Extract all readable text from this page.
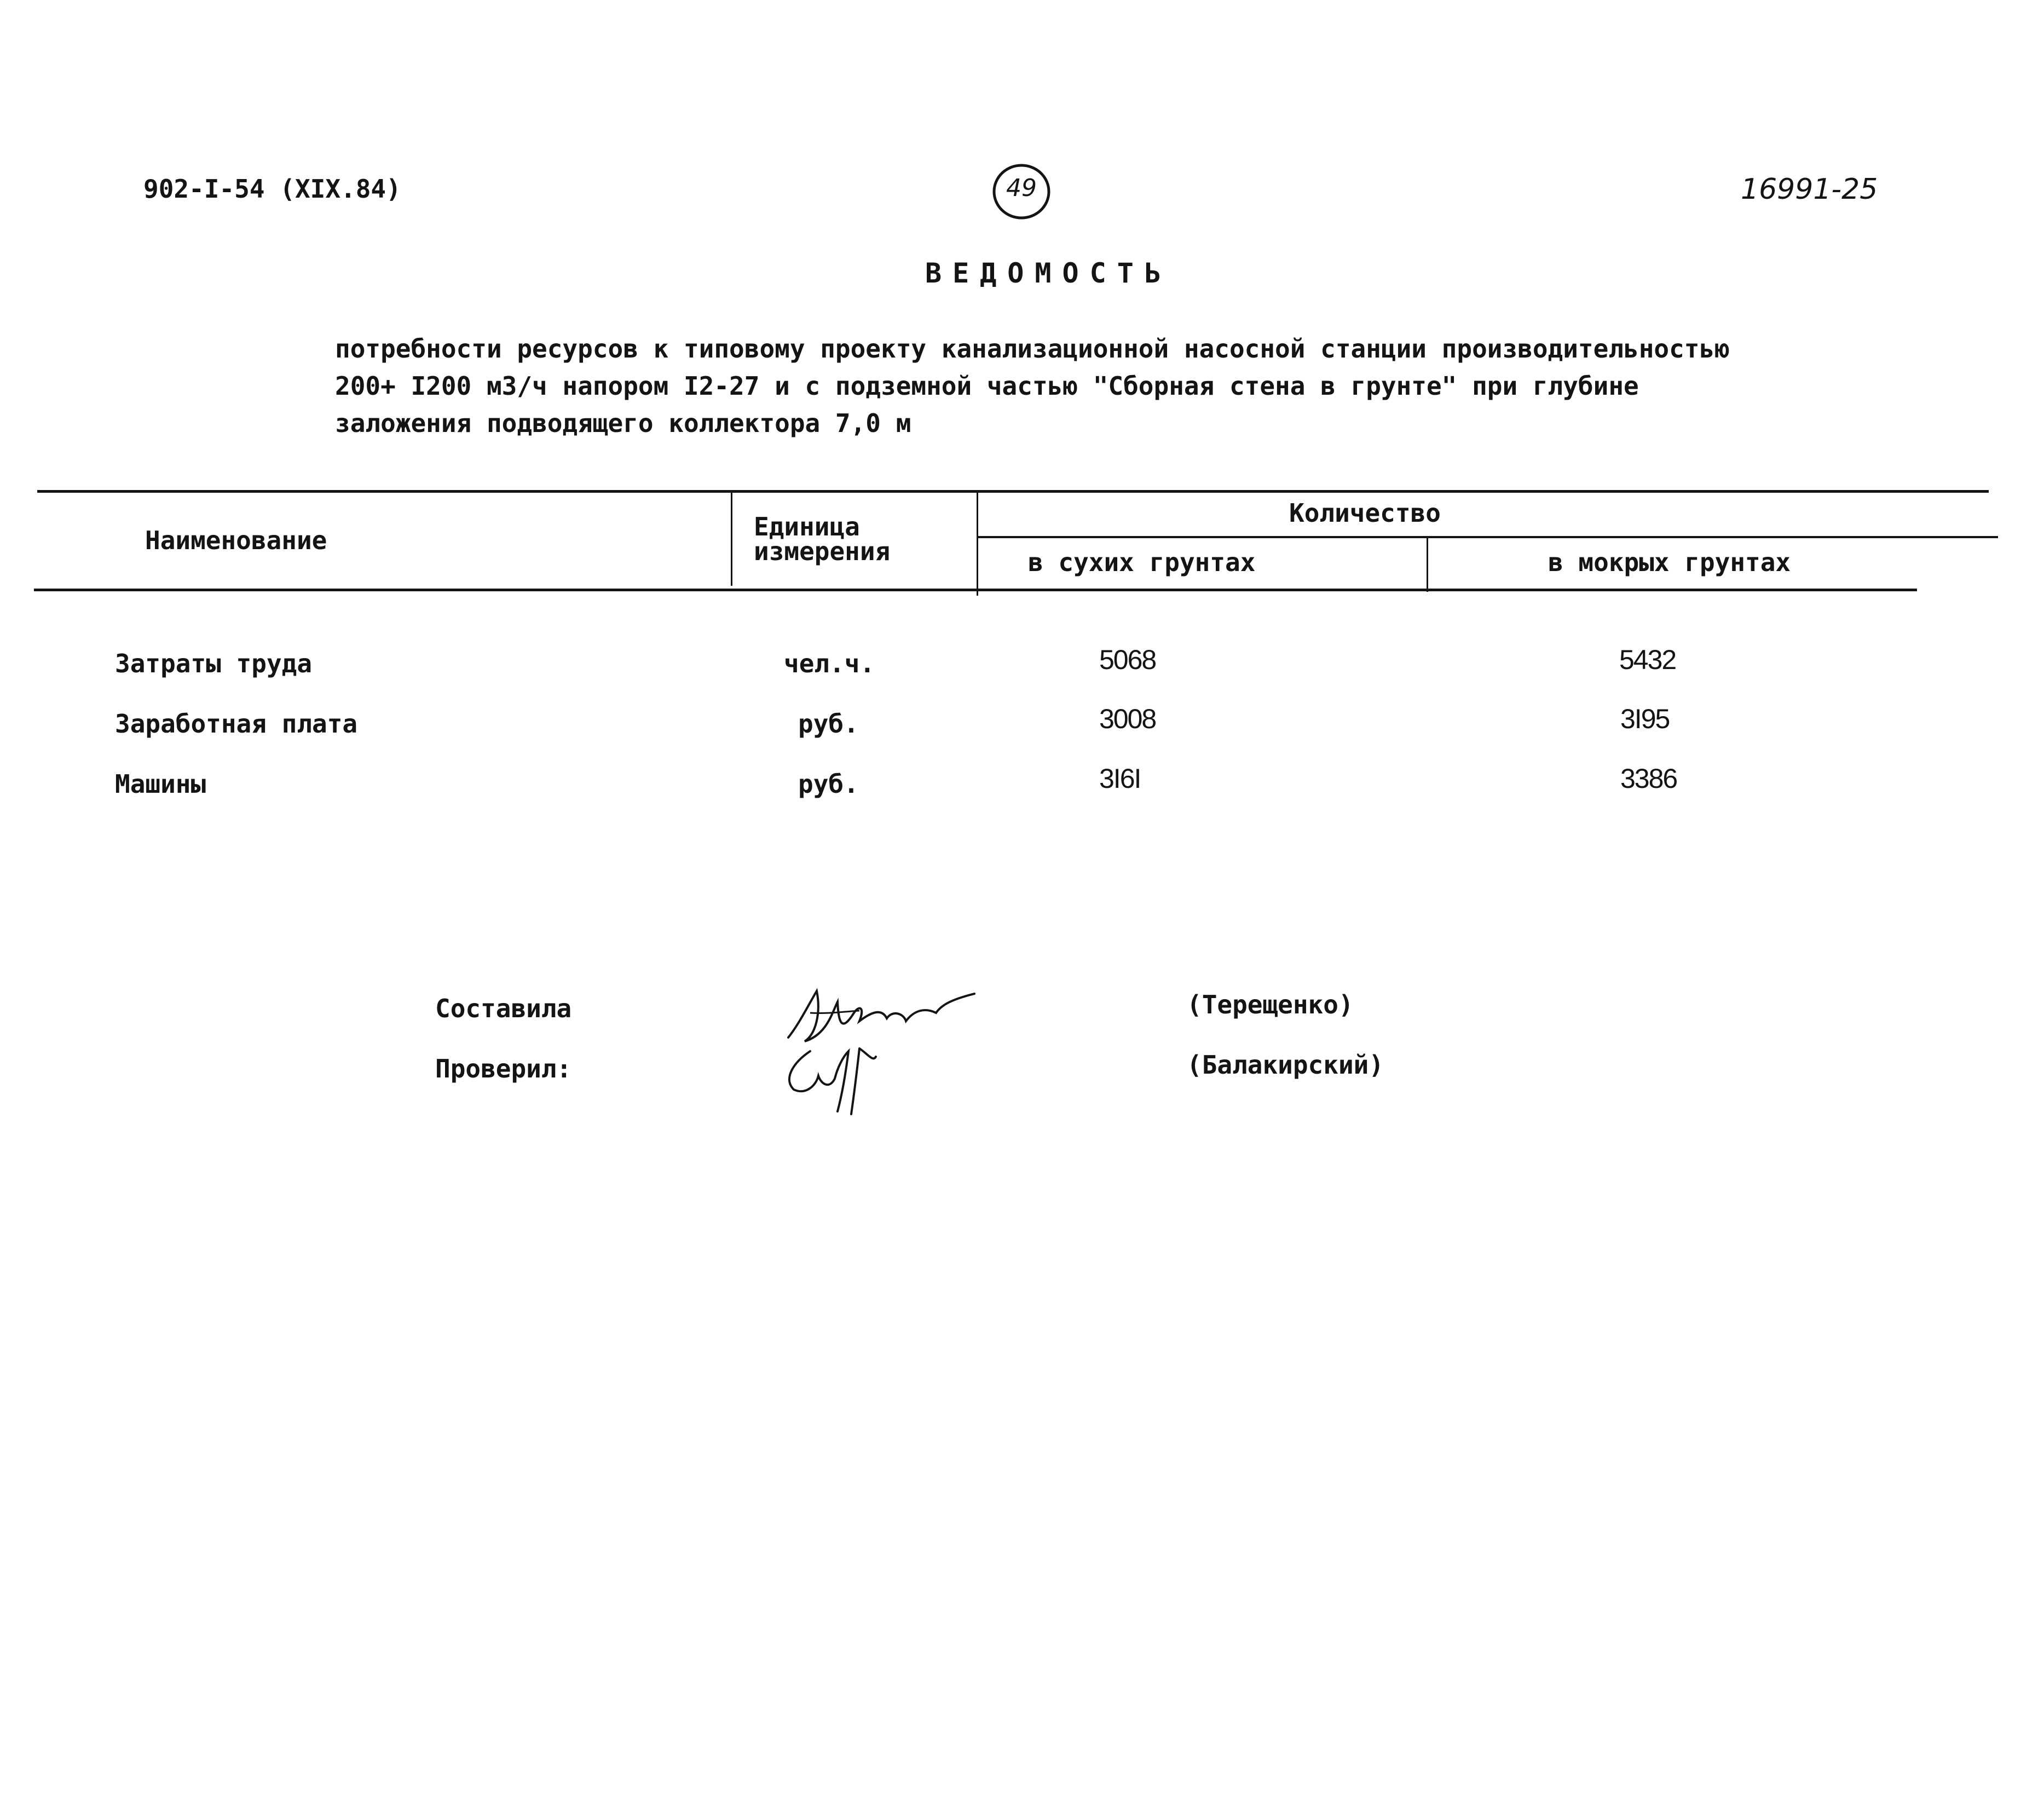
902-I-54 (XIX.84)	49	16991-25
ВЕДОМОСТЬ
потребности ресурсов к типовому проекту канализационной насосной станции производительностью
200+ I200 м3/ч напором I2-27 и с подземной частью "Сборная стена в грунте" при глубине
заложения подводящего коллектора 7,0 м
Наименование	Единица
измерения
Количество
в сухих грунтах	в мокрых грунтах
Затраты труда	чел.ч.	5068	5432
Заработная плата	руб.	3008	3I95
Машины	руб.	3I6I	3386
Составила
Проверил:
(Терещенко)
(Балакирский)
